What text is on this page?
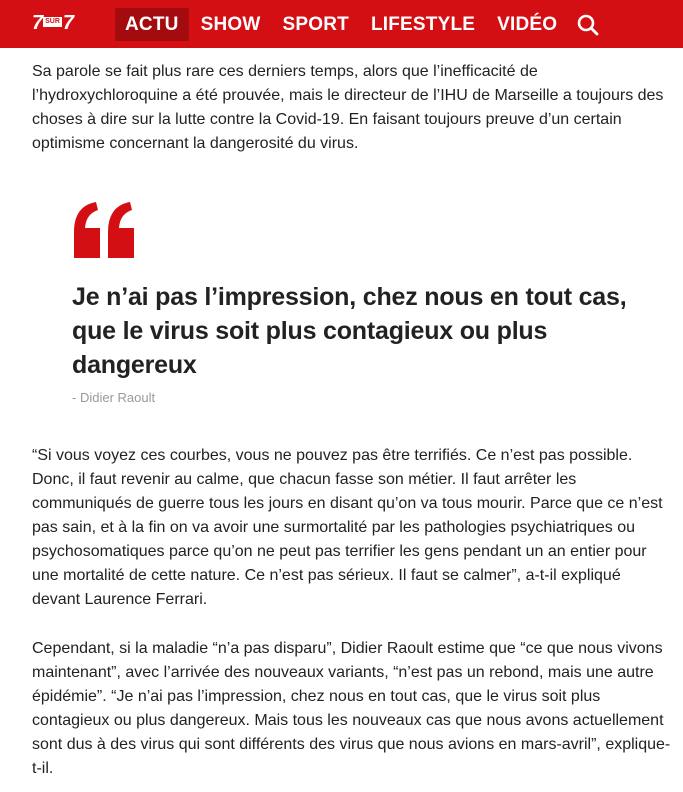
7 SUR 7	ACTU	SHOW	SPORT	LIFESTYLE	VIDÉO

Sa parole se fait plus rare ces derniers temps, alors que l’inefficacité de l’hydroxychloroquine a été prouvée, mais le directeur de l’IHU de Marseille a toujours des choses à dire sur la lutte contre la Covid-19. En faisant toujours preuve d’un certain optimisme concernant la dangerosité du virus.

Je n’ai pas l’impression, chez nous en tout cas, que le virus soit plus contagieux ou plus dangereux
- Didier Raoult

“Si vous voyez ces courbes, vous ne pouvez pas être terrifiés. Ce n’est pas possible. Donc, il faut revenir au calme, que chacun fasse son métier. Il faut arrêter les communiqués de guerre tous les jours en disant qu’on va tous mourir. Parce que ce n’est pas sain, et à la fin on va avoir une surmortalité par les pathologies psychiatriques ou psychosomatiques parce qu’on ne peut pas terrifier les gens pendant un an entier pour une mortalité de cette nature. Ce n’est pas sérieux. Il faut se calmer”, a-t-il expliqué devant Laurence Ferrari.

Cependant, si la maladie “n’a pas disparu”, Didier Raoult estime que “ce que nous vivons maintenant”, avec l’arrivée des nouveaux variants, “n’est pas un rebond, mais une autre épidémie”. “Je n’ai pas l’impression, chez nous en tout cas, que le virus soit plus contagieux ou plus dangereux. Mais tous les nouveaux cas que nous avons actuellement sont dus à des virus qui sont différents des virus que nous avions en mars-avril”, explique-t-il.
